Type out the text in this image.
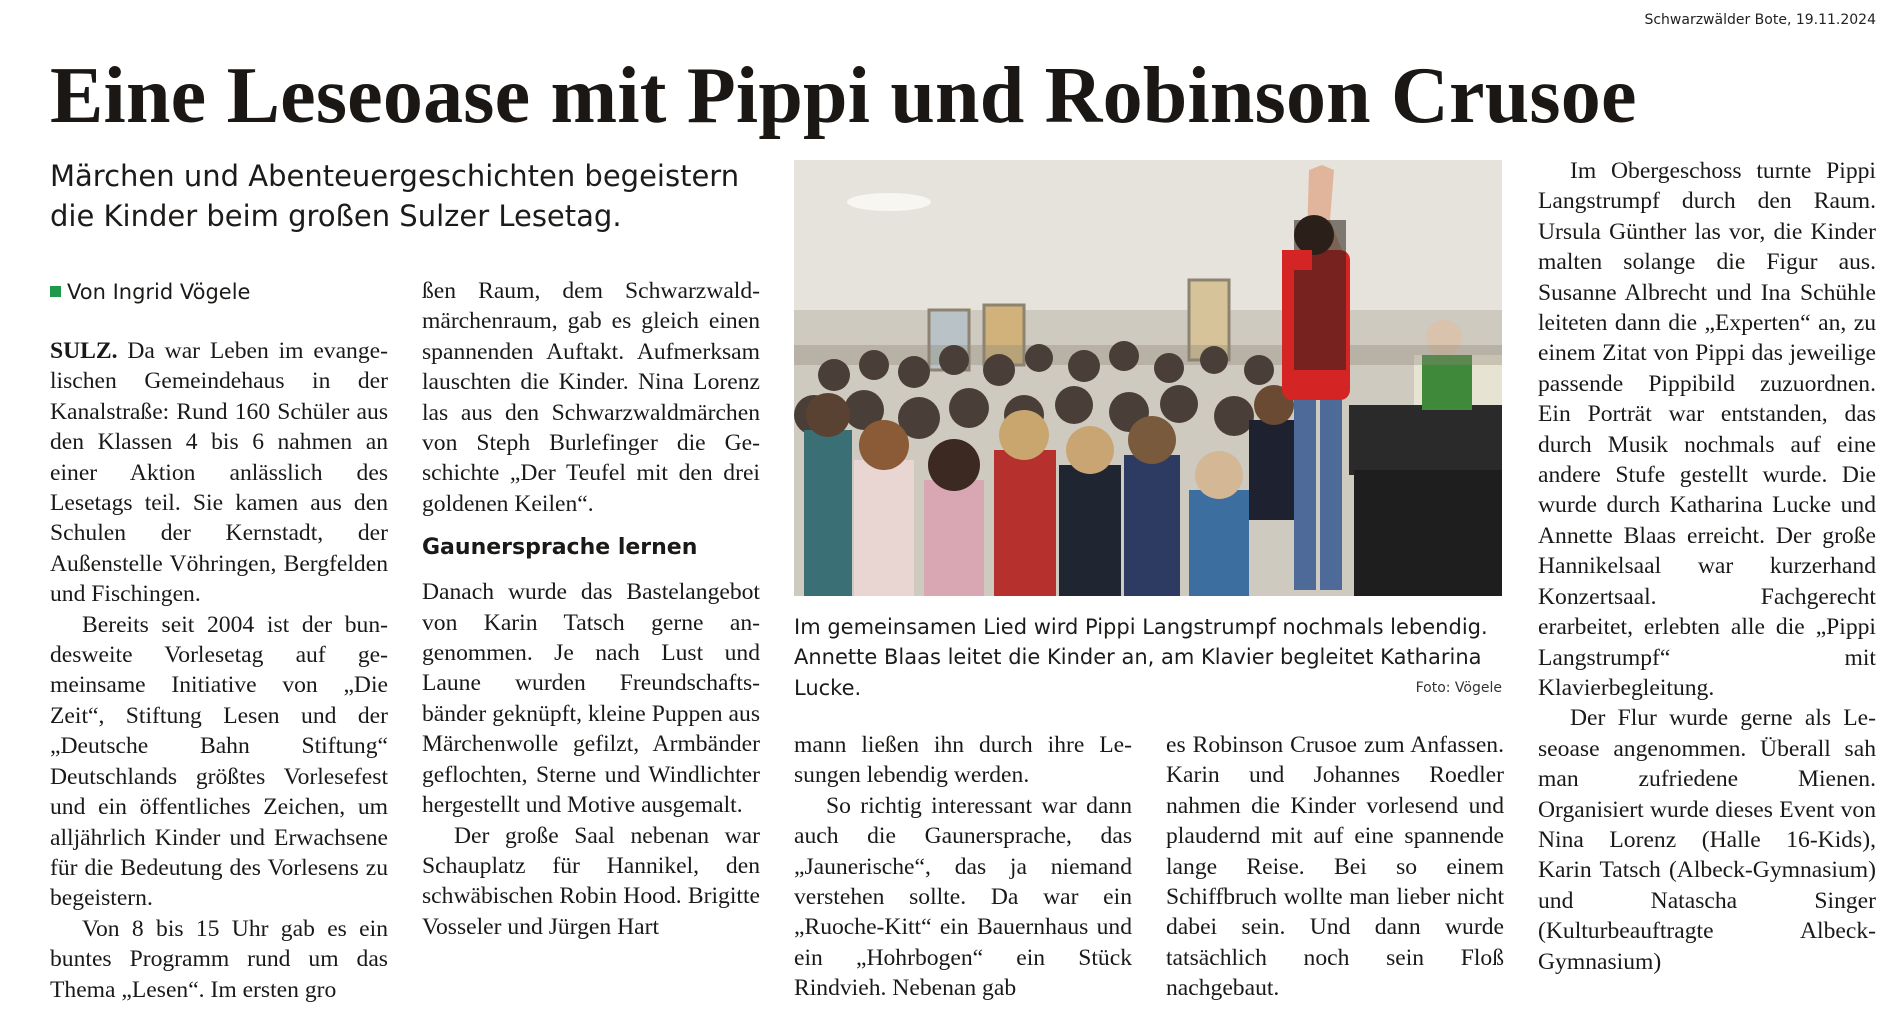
Schwarzwälder Bote, 19.11.2024
Eine Leseoase mit Pippi und Robinson Crusoe

Märchen und Abenteuergeschichten begeistern die Kinder beim großen Sulzer Lesetag.

Von Ingrid Vögele

SULZ. Da war Leben im evangelischen Gemeindehaus in der Kanalstraße: Rund 160 Schüler aus den Klassen 4 bis 6 nahmen an einer Aktion anlässlich des Lesetags teil. Sie kamen aus den Schulen der Kernstadt, der Außenstelle Vöhringen, Bergfelden und Fischingen.

Bereits seit 2004 ist der bundesweite Vorlesetag auf gemeinsame Initiative von „Die Zeit“, Stiftung Lesen und der „Deutsche Bahn Stiftung“ Deutschlands größtes Vorlesefest und ein öffentliches Zeichen, um alljährlich Kinder und Erwachsene für die Bedeutung des Vorlesens zu begeistern.

Von 8 bis 15 Uhr gab es ein buntes Programm rund um das Thema „Lesen“. Im ersten gro

ßen Raum, dem Schwarzwaldmärchenraum, gab es gleich einen spannenden Auftakt. Aufmerksam lauschten die Kinder. Nina Lorenz las aus den Schwarzwaldmärchen von Steph Burlefinger die Geschichte „Der Teufel mit den drei goldenen Keilen“.

Gaunersprache lernen

Danach wurde das Bastelangebot von Karin Tatsch gerne angenommen. Je nach Lust und Laune wurden Freundschaftsbänder geknüpft, kleine Puppen aus Märchenwolle gefilzt, Armbänder geflochten, Sterne und Windlichter hergestellt und Motive ausgemalt.

Der große Saal nebenan war Schauplatz für Hannikel, den schwäbischen Robin Hood. Brigitte Vosseler und Jürgen Hart

Im gemeinsamen Lied wird Pippi Langstrumpf nochmals lebendig. Annette Blaas leitet die Kinder an, am Klavier begleitet Katharina Lucke.	Foto: Vögele

mann ließen ihn durch ihre Lesungen lebendig werden.

So richtig interessant war dann auch die Gaunersprache, das „Jaunerische“, das ja niemand verstehen sollte. Da war ein „Ruoche-Kitt“ ein Bauernhaus und ein „Hohrbogen“ ein Stück Rindvieh. Nebenan gab

es Robinson Crusoe zum Anfassen. Karin und Johannes Roedler nahmen die Kinder vorlesend und plaudernd mit auf eine spannende lange Reise. Bei so einem Schiffbruch wollte man lieber nicht dabei sein. Und dann wurde tatsächlich noch sein Floß nachgebaut.

Im Obergeschoss turnte Pippi Langstrumpf durch den Raum. Ursula Günther las vor, die Kinder malten solange die Figur aus. Susanne Albrecht und Ina Schühle leiteten dann die „Experten“ an, zu einem Zitat von Pippi das jeweilige passende Pippibild zuzuordnen. Ein Porträt war entstanden, das durch Musik nochmals auf eine andere Stufe gestellt wurde. Die wurde durch Katharina Lucke und Annette Blaas erreicht. Der große Hannikelsaal war kurzerhand Konzertsaal. Fachgerecht erarbeitet, erlebten alle die „Pippi Langstrumpf“ mit Klavierbegleitung.

Der Flur wurde gerne als Leseoase angenommen. Überall sah man zufriedene Mienen. Organisiert wurde dieses Event von Nina Lorenz (Halle 16-Kids), Karin Tatsch (Albeck-Gymnasium) und Natascha Singer (Kulturbeauftragte Albeck-Gymnasium)
